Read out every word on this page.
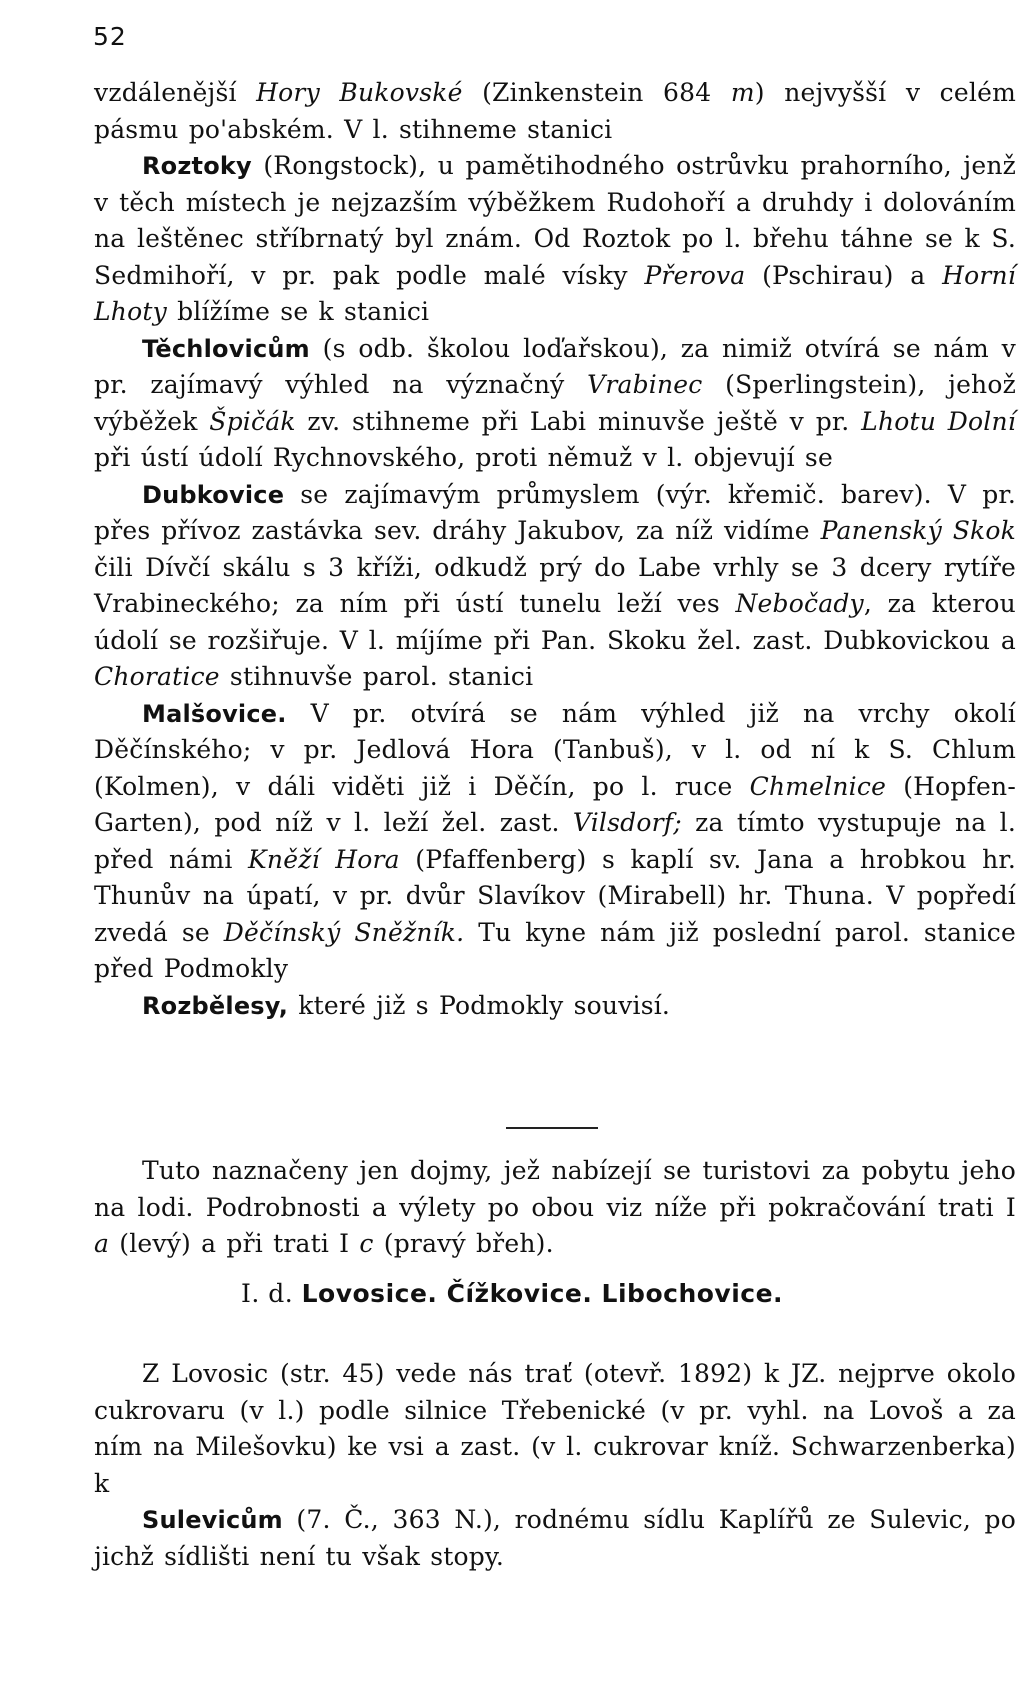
52

vzdálenější Hory Bukovské (Zinkenstein 684 m) nejvyšší v celém pásmu po'abském. V l. stihneme stanici

Roztoky (Rongstock), u pamětihodného ostrůvku prahorního, jenž v těch místech je nejzazším výběžkem Rudohoří a druhdy i dolováním na leštěnec stříbrnatý byl znám. Od Roztok po l. břehu táhne se k S. Sedmihoří, v pr. pak podle malé vísky Přerova (Pschirau) a Horní Lhoty blížíme se k stanici

Těchlovicům (s odb. školou loďařskou), za nimiž otvírá se nám v pr. zajímavý výhled na význačný Vrabinec (Sperlingstein), jehož výběžek Špičák zv. stihneme při Labi minuvše ještě v pr. Lhotu Dolní při ústí údolí Rychnovského, proti němuž v l. objevují se

Dubkovice se zajímavým průmyslem (výr. křemič. barev). V pr. přes přívoz zastávka sev. dráhy Jakubov, za níž vidíme Panenský Skok čili Dívčí skálu s 3 kříži, odkudž prý do Labe vrhly se 3 dcery rytíře Vrabineckého; za ním při ústí tunelu leží ves Nebočady, za kterou údolí se rozšiřuje. V l. míjíme při Pan. Skoku žel. zast. Dubkovickou a Choratice stihnuvše parol. stanici

Malšovice. V pr. otvírá se nám výhled již na vrchy okolí Děčínského; v pr. Jedlová Hora (Tanbuš), v l. od ní k S. Chlum (Kolmen), v dáli viděti již i Děčín, po l. ruce Chmelnice (Hopfen-Garten), pod níž v l. leží žel. zast. Vilsdorf; za tímto vystupuje na l. před námi Kněží Hora (Pfaffenberg) s kaplí sv. Jana a hrobkou hr. Thunův na úpatí, v pr. dvůr Slavíkov (Mirabell) hr. Thuna. V popředí zvedá se Děčínský Sněžník. Tu kyne nám již poslední parol. stanice před Podmokly

Rozbělesy, které již s Podmokly souvisí.

Tuto naznačeny jen dojmy, jež nabízejí se turistovi za pobytu jeho na lodi. Podrobnosti a výlety po obou viz níže při pokračování trati I a (levý) a při trati I c (pravý břeh).

I. d. Lovosice. Čížkovice. Libochovice.

Z Lovosic (str. 45) vede nás trať (otevř. 1892) k JZ. nejprve okolo cukrovaru (v l.) podle silnice Třebenické (v pr. vyhl. na Lovoš a za ním na Milešovku) ke vsi a zast. (v l. cukrovar kníž. Schwarzenberka) k

Sulevicům (7. Č., 363 N.), rodnému sídlu Kaplířů ze Sulevic, po jichž sídlišti není tu však stopy.
